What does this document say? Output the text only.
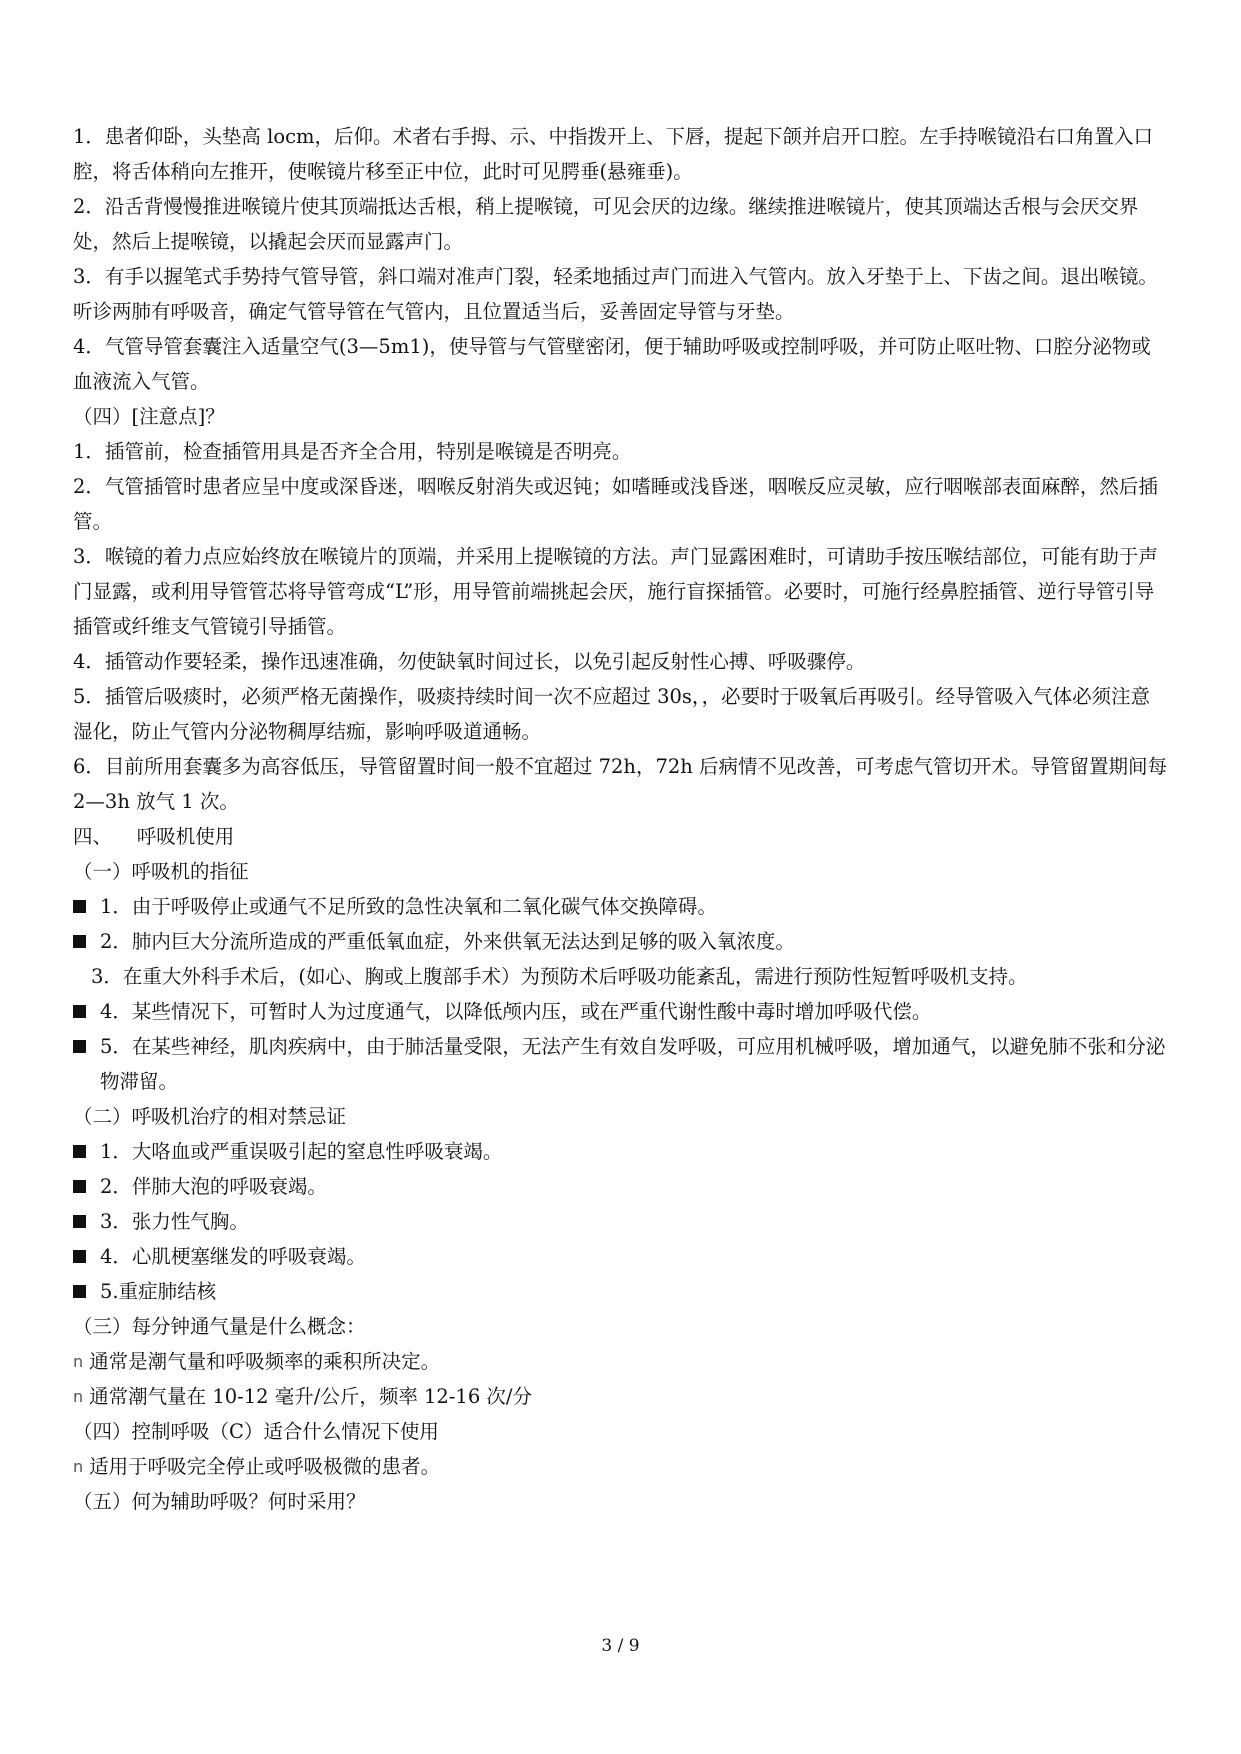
1．患者仰卧，头垫高 locm，后仰。术者右手拇、示、中指拨开上、下唇，提起下颌并启开口腔。左手持喉镜沿右口角置入口腔，将舌体稍向左推开，使喉镜片移至正中位，此时可见腭垂(悬雍垂)。

2．沿舌背慢慢推进喉镜片使其顶端抵达舌根，稍上提喉镜，可见会厌的边缘。继续推进喉镜片，使其顶端达舌根与会厌交界处，然后上提喉镜，以撬起会厌而显露声门。

3．有手以握笔式手势持气管导管，斜口端对准声门裂，轻柔地插过声门而进入气管内。放入牙垫于上、下齿之间。退出喉镜。听诊两肺有呼吸音，确定气管导管在气管内，且位置适当后，妥善固定导管与牙垫。

4．气管导管套囊注入适量空气(3—5m1)，使导管与气管壁密闭，便于辅助呼吸或控制呼吸，并可防止呕吐物、口腔分泌物或血液流入气管。

（四）[注意点]？

1．插管前，检查插管用具是否齐全合用，特别是喉镜是否明亮。

2．气管插管时患者应呈中度或深昏迷，咽喉反射消失或迟钝；如嗜睡或浅昏迷，咽喉反应灵敏，应行咽喉部表面麻醉，然后插管。

3．喉镜的着力点应始终放在喉镜片的顶端，并采用上提喉镜的方法。声门显露困难时，可请助手按压喉结部位，可能有助于声门显露，或利用导管管芯将导管弯成“L”形，用导管前端挑起会厌，施行盲探插管。必要时，可施行经鼻腔插管、逆行导管引导插管或纤维支气管镜引导插管。

4．插管动作要轻柔，操作迅速准确，勿使缺氧时间过长，以免引起反射性心搏、呼吸骤停。

5．插管后吸痰时，必须严格无菌操作，吸痰持续时间一次不应超过 30s，，必要时于吸氧后再吸引。经导管吸入气体必须注意湿化，防止气管内分泌物稠厚结痂，影响呼吸道通畅。

6．目前所用套囊多为高容低压，导管留置时间一般不宜超过 72h，72h 后病情不见改善，可考虑气管切开术。导管留置期间每 2—3h 放气 1 次。

四、    呼吸机使用

（一）呼吸机的指征

1．由于呼吸停止或通气不足所致的急性决氧和二氧化碳气体交换障碍。
2．肺内巨大分流所造成的严重低氧血症，外来供氧无法达到足够的吸入氧浓度。

3．在重大外科手术后，(如心、胸或上腹部手术）为预防术后呼吸功能紊乱，需进行预防性短暂呼吸机支持。

4．某些情况下，可暂时人为过度通气，以降低颅内压，或在严重代谢性酸中毒时增加呼吸代偿。
5．在某些神经，肌肉疾病中，由于肺活量受限，无法产生有效自发呼吸，可应用机械呼吸，增加通气，以避免肺不张和分泌物滞留。

（二）呼吸机治疗的相对禁忌证

1．大咯血或严重误吸引起的窒息性呼吸衰竭。
2．伴肺大泡的呼吸衰竭。
3．张力性气胸。
4．心肌梗塞继发的呼吸衰竭。
5.重症肺结核

（三）每分钟通气量是什么概念：

n 通常是潮气量和呼吸频率的乘积所决定。
n 通常潮气量在 10-12 毫升/公斤，频率 12-16 次/分

（四）控制呼吸（C）适合什么情况下使用

n 适用于呼吸完全停止或呼吸极微的患者。

（五）何为辅助呼吸？何时采用？

3 / 9
